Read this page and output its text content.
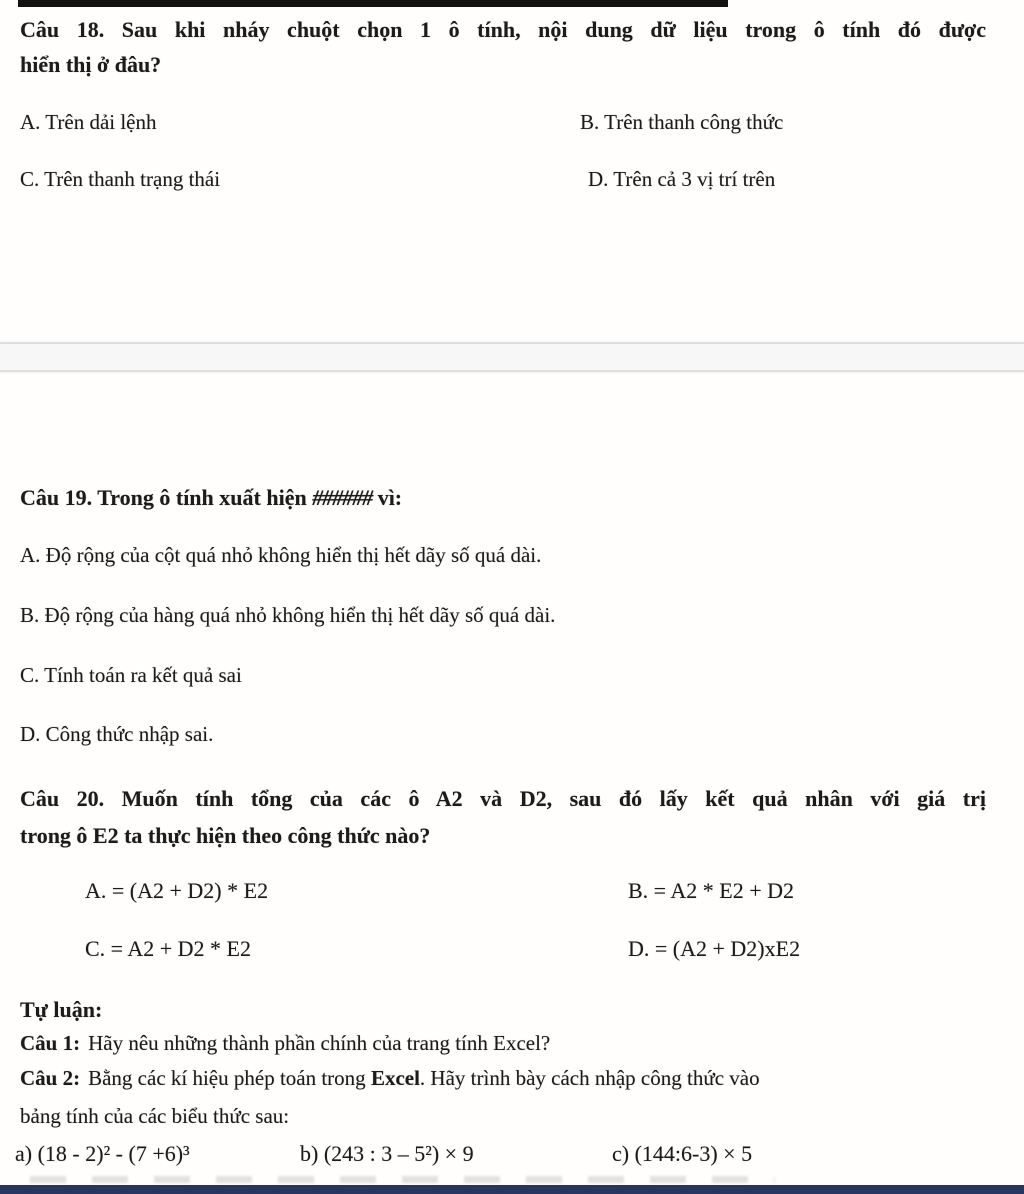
Câu 18. Sau khi nháy chuột chọn 1 ô tính, nội dung dữ liệu trong ô tính đó được
hiển thị ở đâu?
A. Trên dải lệnh	B. Trên thanh công thức
C. Trên thanh trạng thái	D. Trên cả 3 vị trí trên
Câu 19. Trong ô tính xuất hiện ###### vì:
A. Độ rộng của cột quá nhỏ không hiển thị hết dãy số quá dài.
B. Độ rộng của hàng quá nhỏ không hiển thị hết dãy số quá dài.
C. Tính toán ra kết quả sai
D. Công thức nhập sai.
Câu 20. Muốn tính tổng của các ô A2 và D2, sau đó lấy kết quả nhân với giá trị
trong ô E2 ta thực hiện theo công thức nào?
A. = (A2 + D2) * E2	B. = A2 * E2 + D2
C. = A2 + D2 * E2	D. = (A2 + D2)xE2
Tự luận:
Câu 1: Hãy nêu những thành phần chính của trang tính Excel?
Câu 2: Bằng các kí hiệu phép toán trong Excel. Hãy trình bày cách nhập công thức vào
bảng tính của các biểu thức sau:
a) (18 - 2)² - (7 +6)³	b) (243 : 3 – 5²) × 9	c) (144:6-3) × 5
